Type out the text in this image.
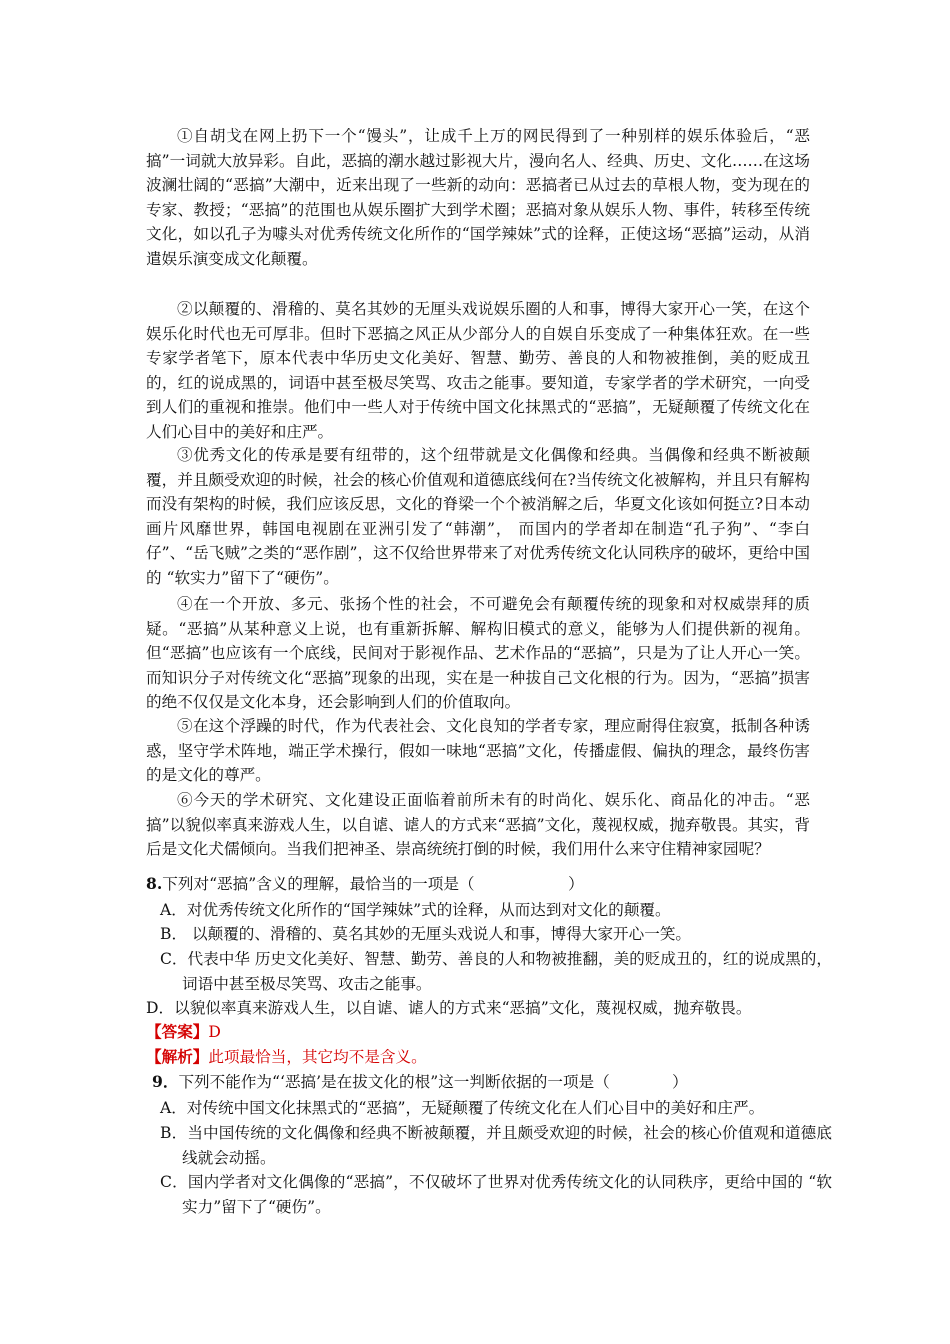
①自胡戈在网上扔下一个“馒头”，让成千上万的网民得到了一种别样的娱乐体验后，“恶搞”一词就大放异彩。自此，恶搞的潮水越过影视大片，漫向名人、经典、历史、文化……在这场波澜壮阔的“恶搞”大潮中，近来出现了一些新的动向：恶搞者已从过去的草根人物，变为现在的专家、教授；“恶搞”的范围也从娱乐圈扩大到学术圈；恶搞对象从娱乐人物、事件，转移至传统文化，如以孔子为噱头对优秀传统文化所作的“国学辣妹”式的诠释，正使这场“恶搞”运动，从消遣娱乐演变成文化颠覆。

②以颠覆的、滑稽的、莫名其妙的无厘头戏说娱乐圈的人和事，博得大家开心一笑，在这个娱乐化时代也无可厚非。但时下恶搞之风正从少部分人的自娱自乐变成了一种集体狂欢。在一些专家学者笔下，原本代表中华历史文化美好、智慧、勤劳、善良的人和物被推倒，美的贬成丑的，红的说成黑的，词语中甚至极尽笑骂、攻击之能事。要知道，专家学者的学术研究，一向受到人们的重视和推崇。他们中一些人对于传统中国文化抹黑式的“恶搞”，无疑颠覆了传统文化在人们心目中的美好和庄严。

③优秀文化的传承是要有纽带的，这个纽带就是文化偶像和经典。当偶像和经典不断被颠覆，并且颇受欢迎的时候，社会的核心价值观和道德底线何在?当传统文化被解构，并且只有解构而没有架构的时候，我们应该反思，文化的脊梁一个个被消解之后，华夏文化该如何挺立?日本动画片风靡世界，韩国电视剧在亚洲引发了“韩潮”， 而国内的学者却在制造“孔子狗”、“李白仔”、“岳飞贼”之类的“恶作剧”，这不仅给世界带来了对优秀传统文化认同秩序的破坏，更给中国的 “软实力”留下了“硬伤”。

④在一个开放、多元、张扬个性的社会，不可避免会有颠覆传统的现象和对权威崇拜的质疑。“恶搞”从某种意义上说，也有重新拆解、解构旧模式的意义，能够为人们提供新的视角。但“恶搞”也应该有一个底线，民间对于影视作品、艺术作品的“恶搞”，只是为了让人开心一笑。而知识分子对传统文化“恶搞”现象的出现，实在是一种拔自己文化根的行为。因为，“恶搞”损害的绝不仅仅是文化本身，还会影响到人们的价值取向。

⑤在这个浮躁的时代，作为代表社会、文化良知的学者专家，理应耐得住寂寞，抵制各种诱惑，坚守学术阵地，端正学术操行，假如一味地“恶搞”文化，传播虚假、偏执的理念，最终伤害的是文化的尊严。

⑥今天的学术研究、文化建设正面临着前所未有的时尚化、娱乐化、商品化的冲击。“恶搞”以貌似率真来游戏人生，以自谑、谑人的方式来“恶搞”文化，蔑视权威，抛弃敬畏。其实，背后是文化犬儒倾向。当我们把神圣、崇高统统打倒的时候，我们用什么来守住精神家园呢？

8.下列对“恶搞”含义的理解，最恰当的一项是（　　　　　　）

A．对优秀传统文化所作的“国学辣妹”式的诠释，从而达到对文化的颠覆。

B． 以颠覆的、滑稽的、莫名其妙的无厘头戏说人和事，博得大家开心一笑。

C．代表中华 历史文化美好、智慧、勤劳、善良的人和物被推翻，美的贬成丑的，红的说成黑的，词语中甚至极尽笑骂、攻击之能事。

D．以貌似率真来游戏人生，以自谑、谑人的方式来“恶搞”文化，蔑视权威，抛弃敬畏。

【答案】D

【解析】此项最恰当，其它均不是含义。

9．下列不能作为“‘恶搞’是在拔文化的根”这一判断依据的一项是（　　　　）

A．对传统中国文化抹黑式的“恶搞”，无疑颠覆了传统文化在人们心目中的美好和庄严。

B．当中国传统的文化偶像和经典不断被颠覆，并且颇受欢迎的时候，社会的核心价值观和道德底线就会动摇。

C．国内学者对文化偶像的“恶搞”，不仅破坏了世界对优秀传统文化的认同秩序，更给中国的 “软实力”留下了“硬伤”。
